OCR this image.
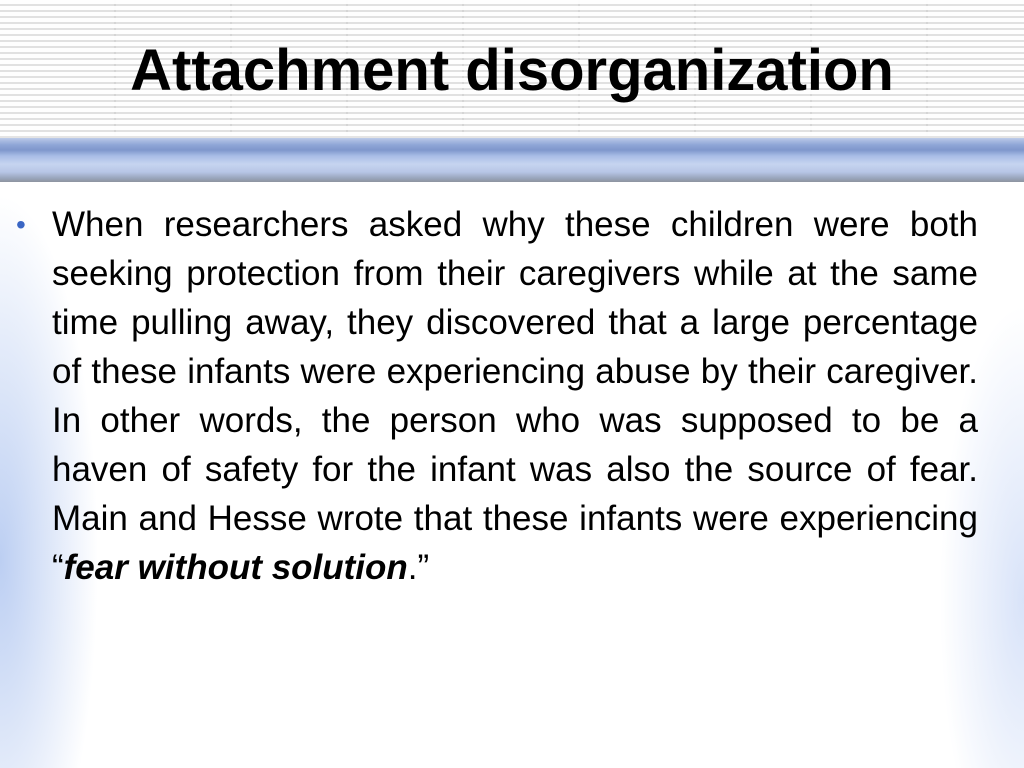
Attachment disorganization
• When researchers asked why these children were both seeking protection from their caregivers while at the same time pulling away, they discovered that a large percentage of these infants were experiencing abuse by their caregiver. In other words, the person who was supposed to be a haven of safety for the infant was also the source of fear. Main and Hesse wrote that these infants were experiencing “fear without solution.”
